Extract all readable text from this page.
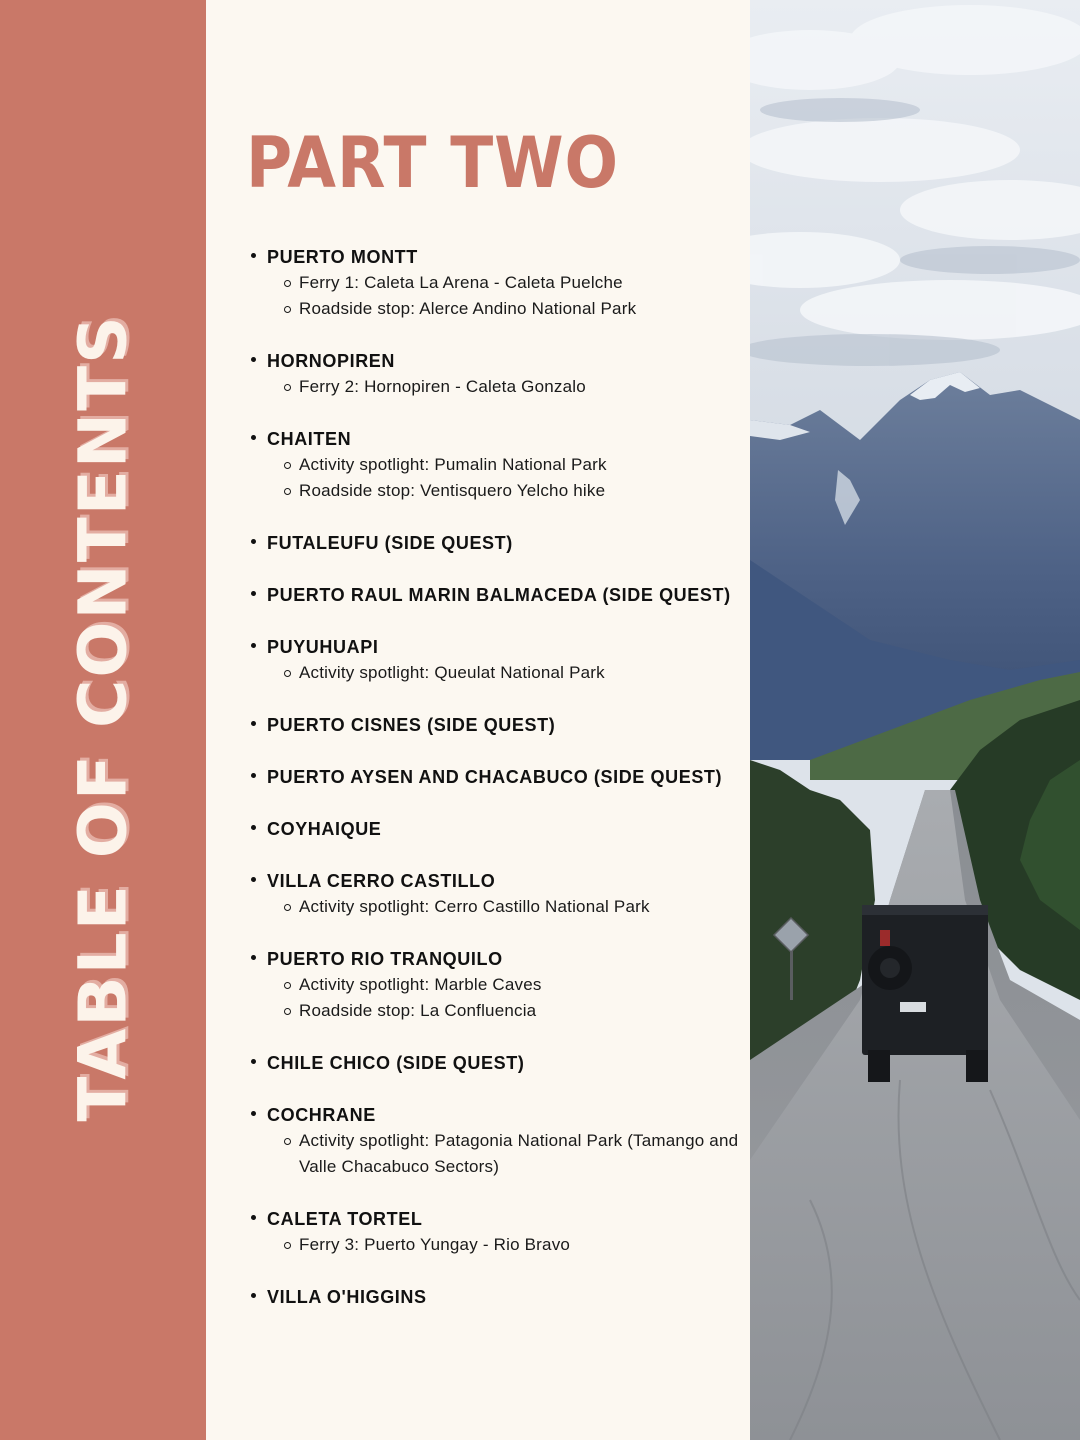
TABLE OF CONTENTS
PART TWO
PUERTO MONTT
Ferry 1: Caleta La Arena - Caleta Puelche
Roadside stop: Alerce Andino National Park
HORNOPIREN
Ferry 2: Hornopiren - Caleta Gonzalo
CHAITEN
Activity spotlight: Pumalin National Park
Roadside stop: Ventisquero Yelcho hike
FUTALEUFU (SIDE QUEST)
PUERTO RAUL MARIN BALMACEDA (SIDE QUEST)
PUYUHUAPI
Activity spotlight: Queulat National Park
PUERTO CISNES (SIDE QUEST)
PUERTO AYSEN AND CHACABUCO (SIDE QUEST)
COYHAIQUE
VILLA CERRO CASTILLO
Activity spotlight: Cerro Castillo National Park
PUERTO RIO TRANQUILO
Activity spotlight: Marble Caves
Roadside stop: La Confluencia
CHILE CHICO (SIDE QUEST)
COCHRANE
Activity spotlight: Patagonia National Park (Tamango and Valle Chacabuco Sectors)
CALETA TORTEL
Ferry 3: Puerto Yungay - Rio Bravo
VILLA O'HIGGINS
